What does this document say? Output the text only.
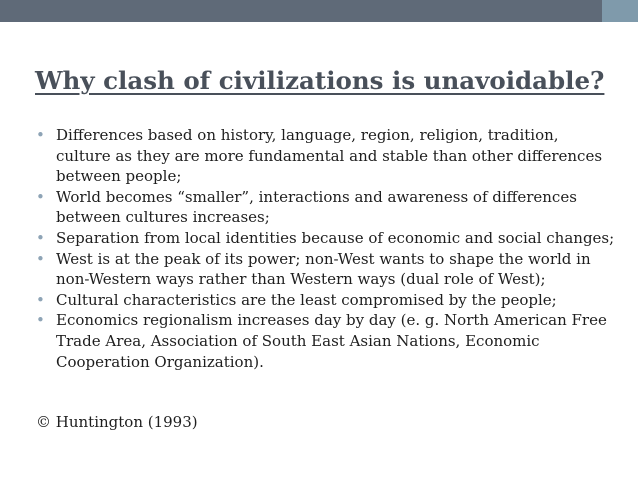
Why clash of civilizations is unavoidable?
• Differences based on history, language, region, religion, tradition, culture as they are more fundamental and stable than other differences between people;
• World becomes “smaller”, interactions and awareness of differences between cultures increases;
• Separation from local identities because of economic and social changes;
• West is at the peak of its power; non-West wants to shape the world in non-Western ways rather than Western ways (dual role of West);
• Cultural characteristics are the least compromised by the people;
• Economics regionalism increases day by day (e. g. North American Free Trade Area, Association of South East Asian Nations, Economic Cooperation Organization).

© Huntington (1993)
